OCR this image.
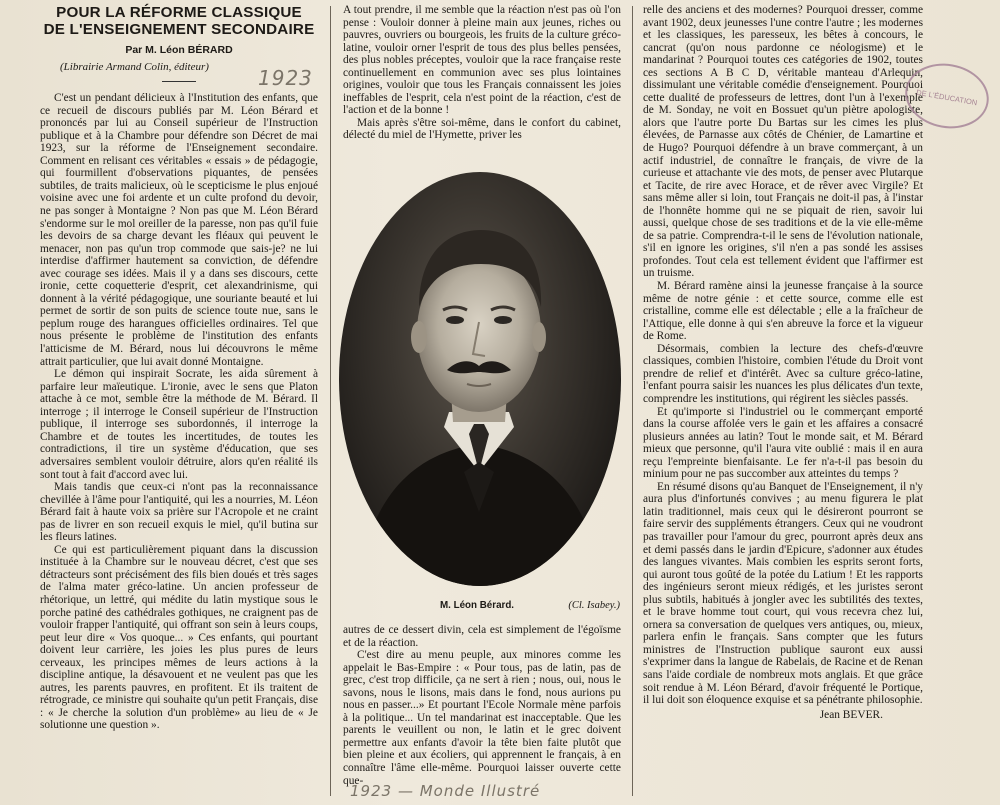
POUR LA RÉFORME CLASSIQUE
DE L'ENSEIGNEMENT SECONDAIRE
Par M. Léon BÉRARD
(Librairie Armand Colin, éditeur)

C'est un pendant délicieux à l'Institution des enfants, que ce recueil de discours publiés par M. Léon Bérard et prononcés par lui au Conseil supérieur de l'Instruction publique et à la Chambre pour défendre son Décret de mai 1923, sur la réforme de l'Enseignement secondaire. Comment en relisant ces véritables « essais » de pédagogie, qui fourmillent d'observations piquantes, de pensées subtiles, de traits malicieux, où le scepticisme le plus enjoué voisine avec une foi ardente et un culte profond du devoir, ne pas songer à Montaigne ? Non pas que M. Léon Bérard s'endorme sur le mol oreiller de la paresse, non pas qu'il fuie les devoirs de sa charge devant les fléaux qui peuvent le menacer, non pas qu'un trop commode que sais-je? ne lui interdise d'affirmer hautement sa conviction, de défendre avec courage ses idées. Mais il y a dans ses discours, cette ironie, cette coquetterie d'esprit, cet alexandrinisme, qui donnent à la vérité pédagogique, une souriante beauté et lui permet de sortir de son puits de science toute nue, sans le peplum rouge des harangues officielles ordinaires. Tel que nous présente le problème de l'institution des enfants l'atticisme de M. Bérard, nous lui découvrons le même attrait particulier, que lui avait donné Montaigne.

Le démon qui inspirait Socrate, les aida sûrement à parfaire leur maïeutique. L'ironie, avec le sens que Platon attache à ce mot, semble être la méthode de M. Bérard. Il interroge ; il interroge le Conseil supérieur de l'Instruction publique, il interroge ses subordonnés, il interroge la Chambre et de toutes les incertitudes, de toutes les contradictions, il tire un système d'éducation, que ses adversaires semblent vouloir détruire, alors qu'en réalité ils sont tout à fait d'accord avec lui.

Mais tandis que ceux-ci n'ont pas la reconnaissance chevillée à l'âme pour l'antiquité, qui les a nourries, M. Léon Bérard fait à haute voix sa prière sur l'Acropole et ne craint pas de livrer en son recueil exquis le miel, qu'il butina sur les fleurs latines.

Ce qui est particulièrement piquant dans la discussion instituée à la Chambre sur le nouveau décret, c'est que ses détracteurs sont précisément des fils bien doués et très sages de l'alma mater gréco-latine. Un ancien professeur de rhétorique, un lettré, qui médite du latin mystique sous le porche patiné des cathédrales gothiques, ne craignent pas de vouloir frapper l'antiquité, qui offrant son sein à leurs coups, peut leur dire « Vos quoque... » Ces enfants, qui pourtant doivent leur carrière, les joies les plus pures de leurs cerveaux, les principes mêmes de leurs actions à la discipline antique, la désavouent et ne veulent pas que les autres, les parents pauvres, en profitent. Et ils traitent de rétrograde, ce ministre qui souhaite qu'un petit Français, dise : « Je cherche la solution d'un problème» au lieu de « Je solutionne une question ».

1923
1923 — Monde Illustré

A tout prendre, il me semble que la réaction n'est pas où l'on pense : Vouloir donner à pleine main aux jeunes, riches ou pauvres, ouvriers ou bourgeois, les fruits de la culture gréco-latine, vouloir orner l'esprit de tous des plus belles pensées, des plus nobles préceptes, vouloir que la race française reste continuellement en communion avec ses plus lointaines origines, vouloir que tous les Français connaissent les joies ineffables de l'esprit, cela n'est point de la réaction, c'est de l'action et de la bonne !

Mais après s'être soi-même, dans le confort du cabinet, délecté du miel de l'Hymette, priver les

M. Léon Bérard.	(Cl. Isabey.)

autres de ce dessert divin, cela est simplement de l'égoïsme et de la réaction.

C'est dire au menu peuple, aux minores comme les appelait le Bas-Empire : « Pour tous, pas de latin, pas de grec, c'est trop difficile, ça ne sert à rien ; nous, oui, nous le savons, nous le lisons, mais dans le fond, nous aurions pu nous en passer...» Et pourtant l'Ecole Normale mène parfois à la politique... Un tel mandarinat est inacceptable. Que les parents le veuillent ou non, le latin et le grec doivent permettre aux enfants d'avoir la tête bien faite plutôt que bien pleine et aux écoliers, qui apprennent le français, à en connaître l'âme elle-même. Pourquoi laisser ouverte cette que-

relle des anciens et des modernes? Pourquoi dresser, comme avant 1902, deux jeunesses l'une contre l'autre ; les modernes et les classiques, les paresseux, les bêtes à concours, le cancrat (qu'on nous pardonne ce néologisme) et le mandarinat ? Pourquoi toutes ces catégories de 1902, toutes ces sections A B C D, véritable manteau d'Arlequin, dissimulant une véritable comédie d'enseignement. Pourquoi cette dualité de professeurs de lettres, dont l'un à l'exemple de M. Sonday, ne voit en Bossuet qu'un piètre apologiste, alors que l'autre porte Du Bartas sur les cimes les plus élevées, de Parnasse aux côtés de Chénier, de Lamartine et de Hugo? Pourquoi défendre à un brave commerçant, à un actif industriel, de connaître le français, de vivre de la curieuse et attachante vie des mots, de penser avec Plutarque et Tacite, de rire avec Horace, et de rêver avec Virgile? Et sans même aller si loin, tout Français ne doit-il pas, à l'instar de l'honnête homme qui ne se piquait de rien, savoir lui aussi, quelque chose de ses traditions et de la vie elle-même de sa patrie. Comprendra-t-il le sens de l'évolution nationale, s'il en ignore les origines, s'il n'en a pas sondé les assises profondes. Tout cela est tellement évident que l'affirmer est un truisme.

M. Bérard ramène ainsi la jeunesse française à la source même de notre génie : et cette source, comme elle est cristalline, comme elle est délectable ; elle a la fraîcheur de l'Attique, elle donne à qui s'en abreuve la force et la vigueur de Rome.

Désormais, combien la lecture des chefs-d'œuvre classiques, combien l'histoire, combien l'étude du Droit vont prendre de relief et d'intérêt. Avec sa culture gréco-latine, l'enfant pourra saisir les nuances les plus délicates d'un texte, comprendre les institutions, qui régirent les siècles passés.

Et qu'importe si l'industriel ou le commerçant emporté dans la course affolée vers le gain et les affaires a consacré plusieurs années au latin? Tout le monde sait, et M. Bérard mieux que personne, qu'il l'aura vite oublié : mais il en aura reçu l'empreinte bienfaisante. Le fer n'a-t-il pas besoin du minium pour ne pas succomber aux atteintes du temps ?

En résumé disons qu'au Banquet de l'Enseignement, il n'y aura plus d'infortunés convives ; au menu figurera le plat latin traditionnel, mais ceux qui le désireront pourront se faire servir des suppléments étrangers. Ceux qui ne voudront pas travailler pour l'amour du grec, pourront après deux ans et demi passés dans le jardin d'Epicure, s'adonner aux études des langues vivantes. Mais combien les esprits seront forts, qui auront tous goûté de la potée du Latium ! Et les rapports des ingénieurs seront mieux rédigés, et les juristes seront plus subtils, habitués à jongler avec les subtilités des textes, et le brave homme tout court, qui vous recevra chez lui, ornera sa conversation de quelques vers antiques, ou, mieux, parlera enfin le français. Sans compter que les futurs ministres de l'Instruction publique sauront eux aussi s'exprimer dans la langue de Rabelais, de Racine et de Renan sans l'aide cordiale de nombreux mots anglais. Et que grâce soit rendue à M. Léon Bérard, d'avoir fréquenté le Portique, il lui doit son éloquence exquise et sa pénétrante philosophie.

Jean BEVER.
DE L'ÉDUCATION
